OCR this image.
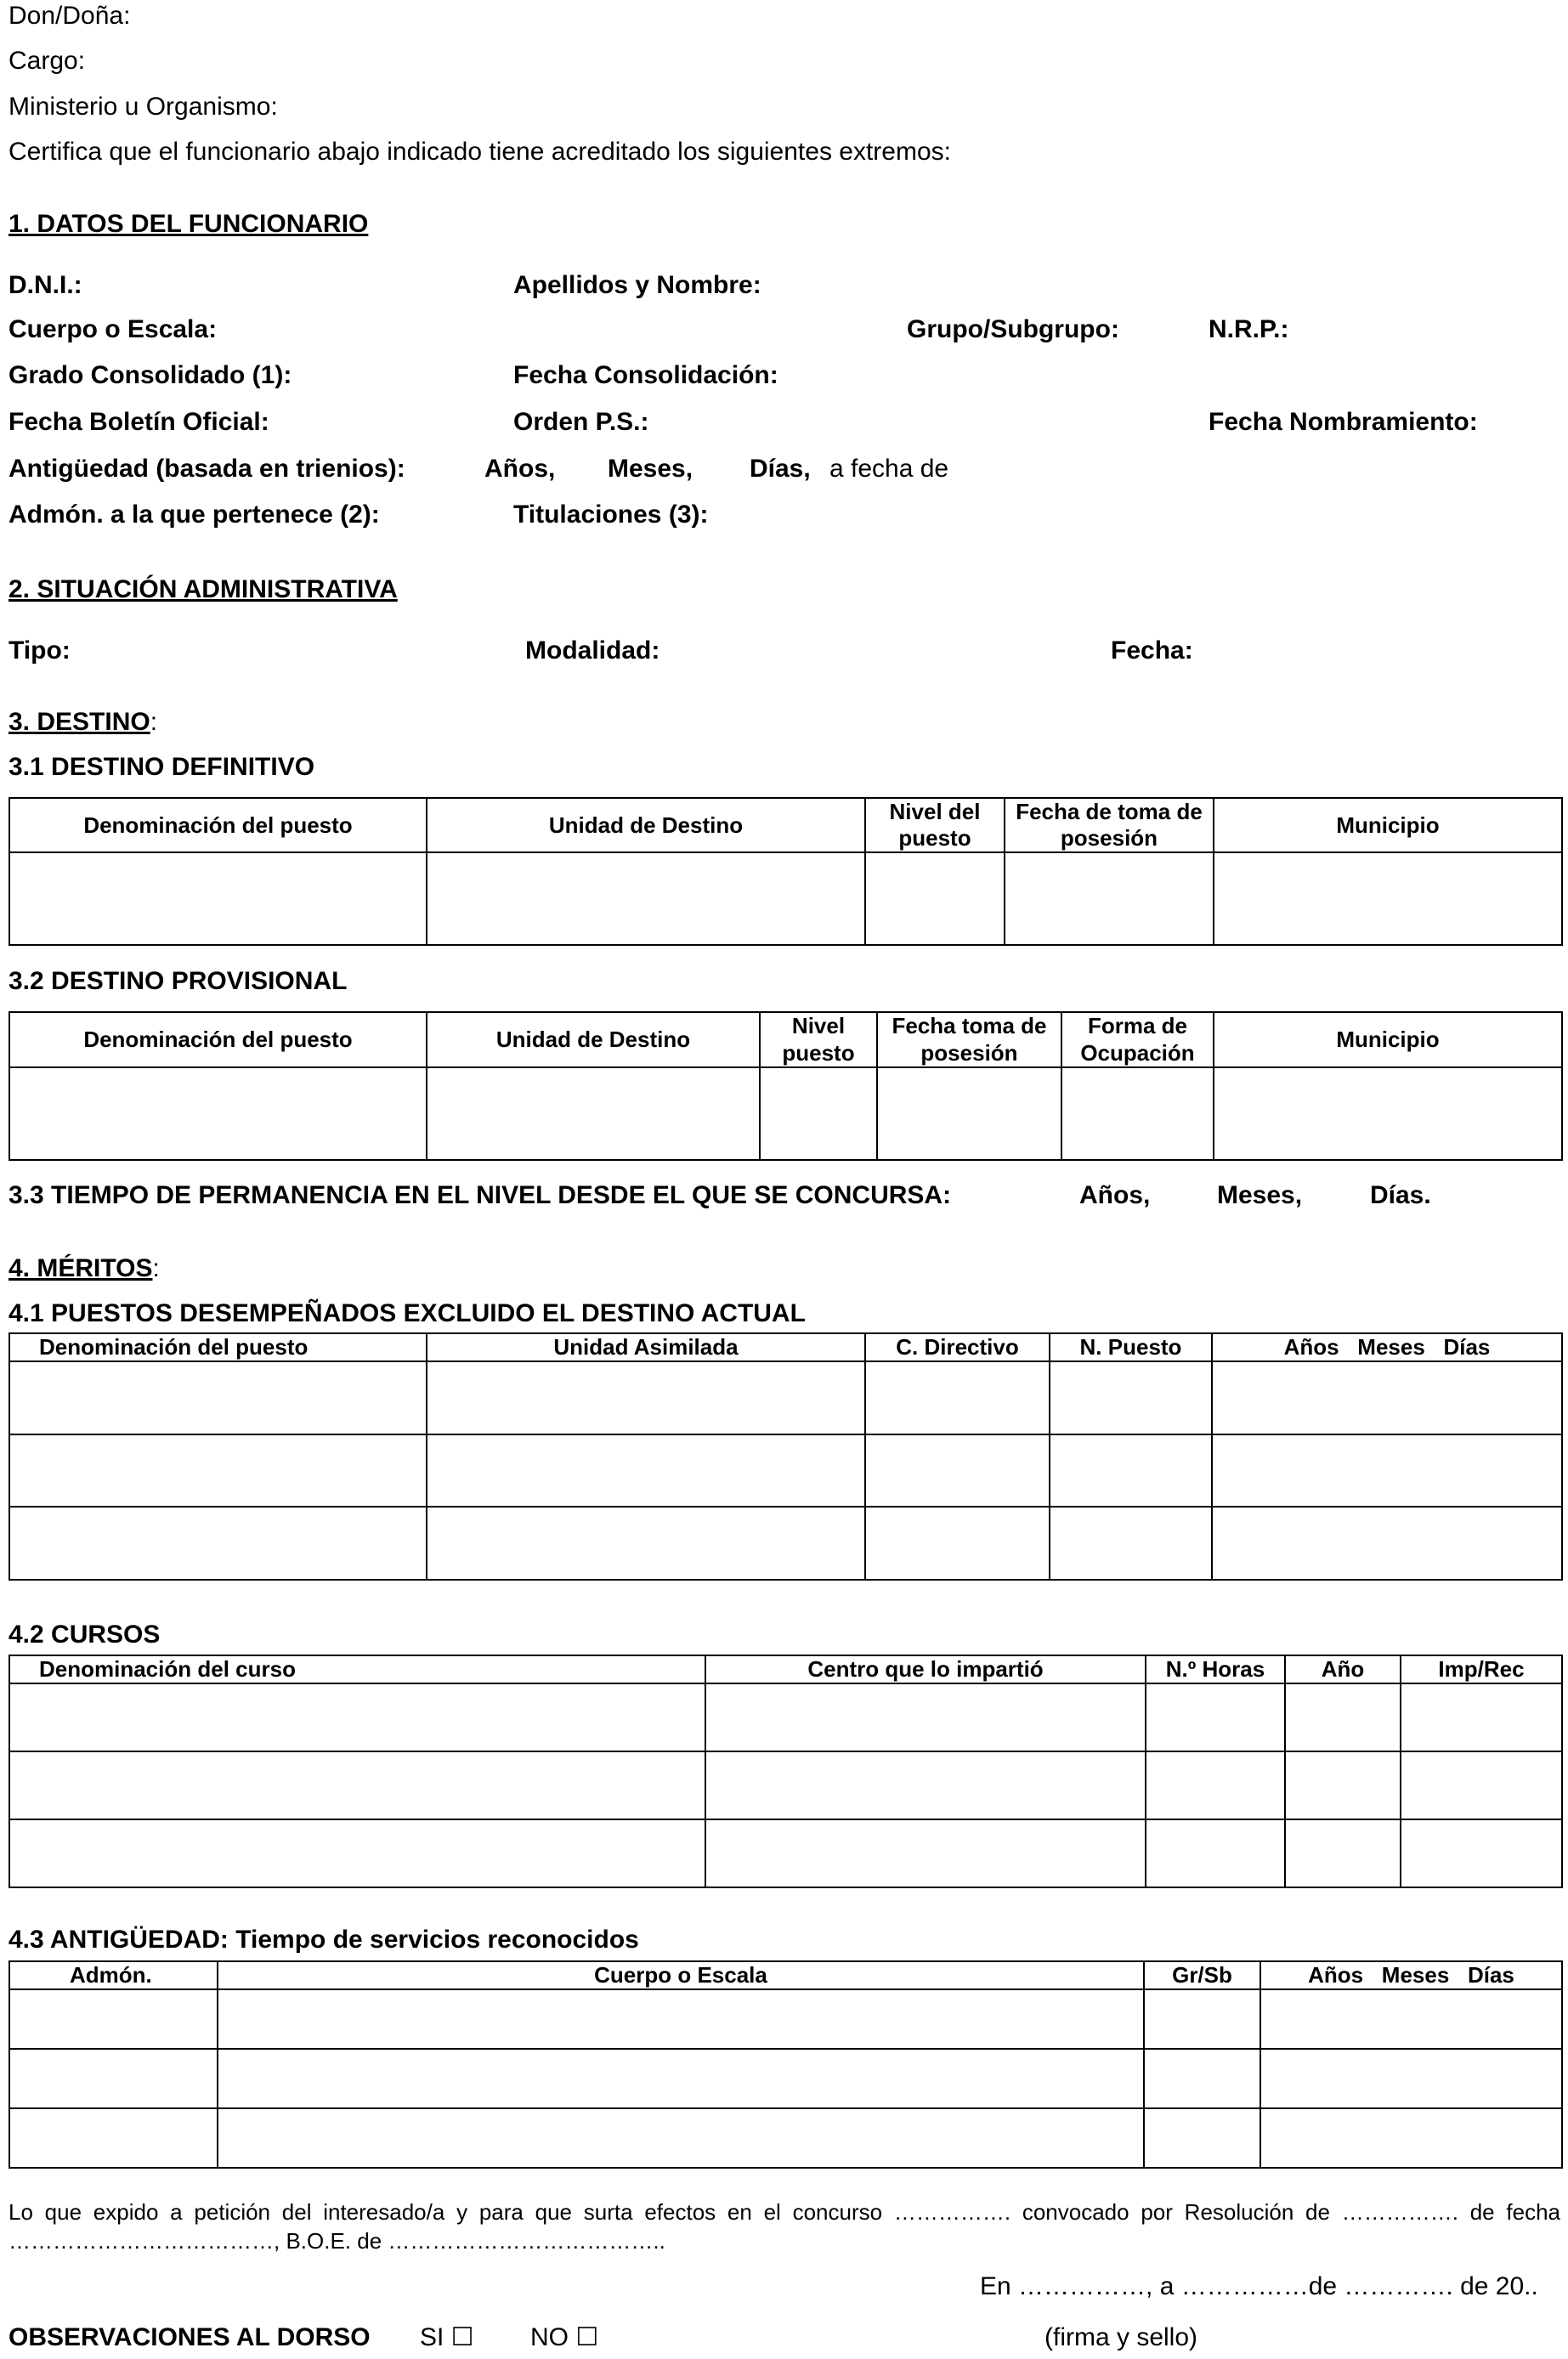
Don/Doña:
Cargo:
Ministerio u Organismo:
Certifica que el funcionario abajo indicado tiene acreditado los siguientes extremos:
1. DATOS DEL FUNCIONARIO
D.N.I.:	Apellidos y Nombre:
Cuerpo o Escala:	Grupo/Subgrupo:	N.R.P.:
Grado Consolidado (1):	Fecha Consolidación:
Fecha Boletín Oficial:	Orden P.S.:	Fecha Nombramiento:
Antigüedad (basada en trienios):	Años, Meses, Días, a fecha de
Admón. a la que pertenece (2):	Titulaciones (3):
2. SITUACIÓN ADMINISTRATIVA
Tipo:	Modalidad:	Fecha:
3. DESTINO:
3.1 DESTINO DEFINITIVO
Denominación del puesto	Unidad de Destino	Nivel del puesto	Fecha de toma de posesión	Municipio

3.2 DESTINO PROVISIONAL
Denominación del puesto	Unidad de Destino	Nivel puesto	Fecha toma de posesión	Forma de Ocupación	Municipio

3.3 TIEMPO DE PERMANENCIA EN EL NIVEL DESDE EL QUE SE CONCURSA:	Años,	Meses,	Días.
4. MÉRITOS:
4.1 PUESTOS DESEMPEÑADOS EXCLUIDO EL DESTINO ACTUAL
Denominación del puesto	Unidad Asimilada	C. Directivo	N. Puesto	Años   Meses   Días

4.2 CURSOS
Denominación del curso	Centro que lo impartió	N.º Horas	Año	Imp/Rec

4.3 ANTIGÜEDAD: Tiempo de servicios reconocidos
Admón.	Cuerpo o Escala	Gr/Sb	Años   Meses   Días

Lo que expido a petición del interesado/a y para que surta efectos en el concurso ……………. convocado por Resolución de ……………. de fecha
………………………………, B.O.E. de ………………………………..
En ……………, a ……………de …………. de 20..
OBSERVACIONES AL DORSO SI ☐ NO ☐	(firma y sello)
